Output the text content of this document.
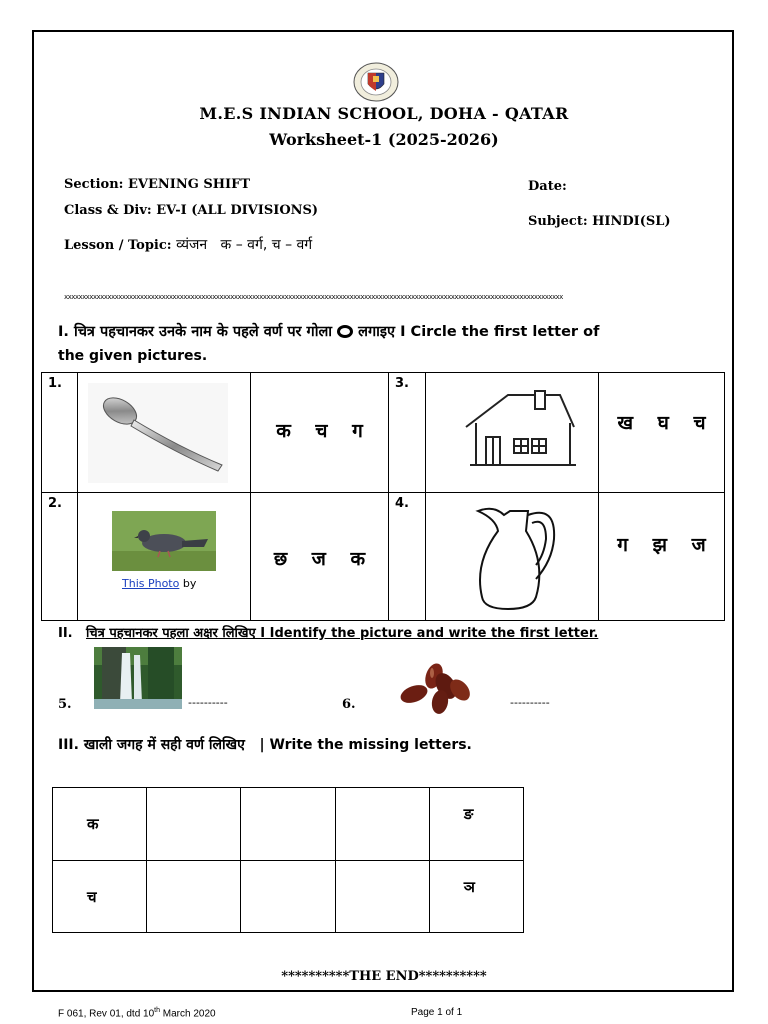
M.E.S INDIAN SCHOOL, DOHA - QATAR
Worksheet-1 (2025-2026)
Section: EVENING SHIFT
Class & Div: EV-I (ALL DIVISIONS)
Lesson / Topic: व्यंजन   क – वर्ग, च – वर्ग
Date:
Subject: HINDI(SL)
xxxxxxxxxxxxxxxxxxxxxxxxxxxxxxxxxxxxxxxxxxxxxxxxxxxxxxxxxxxxxxxxxxxxxxxxxxxxxxxxxxxxxxxxxxxxxxxxxxxxxxxxxxxxxxxxxxxxxxxxxxxxxxxxxxxxxxxxxx
I. चित्र पहचानकर उनके नाम के पहले वर्ण पर गोला लगाइए I Circle the first letter of
the given pictures.
1.		क च ग	3.		ख घ च

2.	This Photo by	छ ज क	4.		ग झ ज
II. चित्र पहचानकर पहला अक्षर लिखिए I Identify the picture and write the first letter.
5.	----------	6.	----------
III. खाली जगह में सही वर्ण लिखिए   | Write the missing letters.
क				ङ

च				ञ
**********THE END**********
F 061, Rev 01, dtd 10th March 2020	Page 1 of 1
